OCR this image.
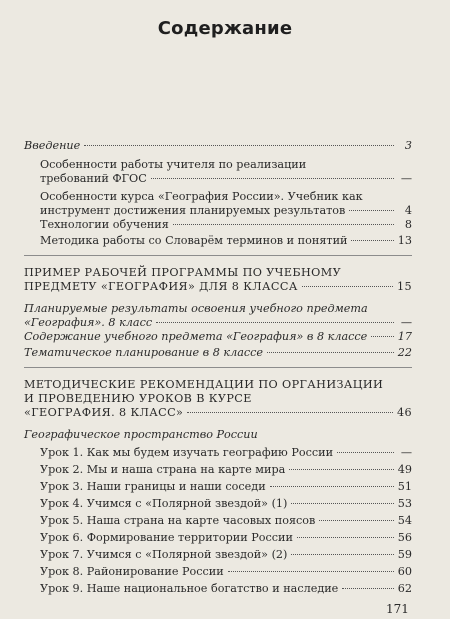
Содержание
Введение	3
Особенности работы учителя по реализации
требований ФГОС	—
Особенности курса «География России». Учебник как
инструмент достижения планируемых результатов	4
Технологии обучения	8
Методика работы со Словарём терминов и понятий	13
ПРИМЕР РАБОЧЕЙ ПРОГРАММЫ ПО УЧЕБНОМУ
ПРЕДМЕТУ «ГЕОГРАФИЯ» ДЛЯ 8 КЛАССА	15
Планируемые результаты освоения учебного предмета
«География». 8 класс	—
Содержание учебного предмета «География» в 8 классе	17
Тематическое планирование в 8 классе	22
МЕТОДИЧЕСКИЕ РЕКОМЕНДАЦИИ ПО ОРГАНИЗАЦИИ
И ПРОВЕДЕНИЮ УРОКОВ В КУРСЕ
«ГЕОГРАФИЯ. 8 КЛАСС»	46
Географическое пространство России
Урок 1. Как мы будем изучать географию России	—
Урок 2. Мы и наша страна на карте мира	49
Урок 3. Наши границы и наши соседи	51
Урок 4. Учимся с «Полярной звездой» (1)	53
Урок 5. Наша страна на карте часовых поясов	54
Урок 6. Формирование территории России	56
Урок 7. Учимся с «Полярной звездой» (2)	59
Урок 8. Районирование России	60
Урок 9. Наше национальное богатство и наследие	62
171
